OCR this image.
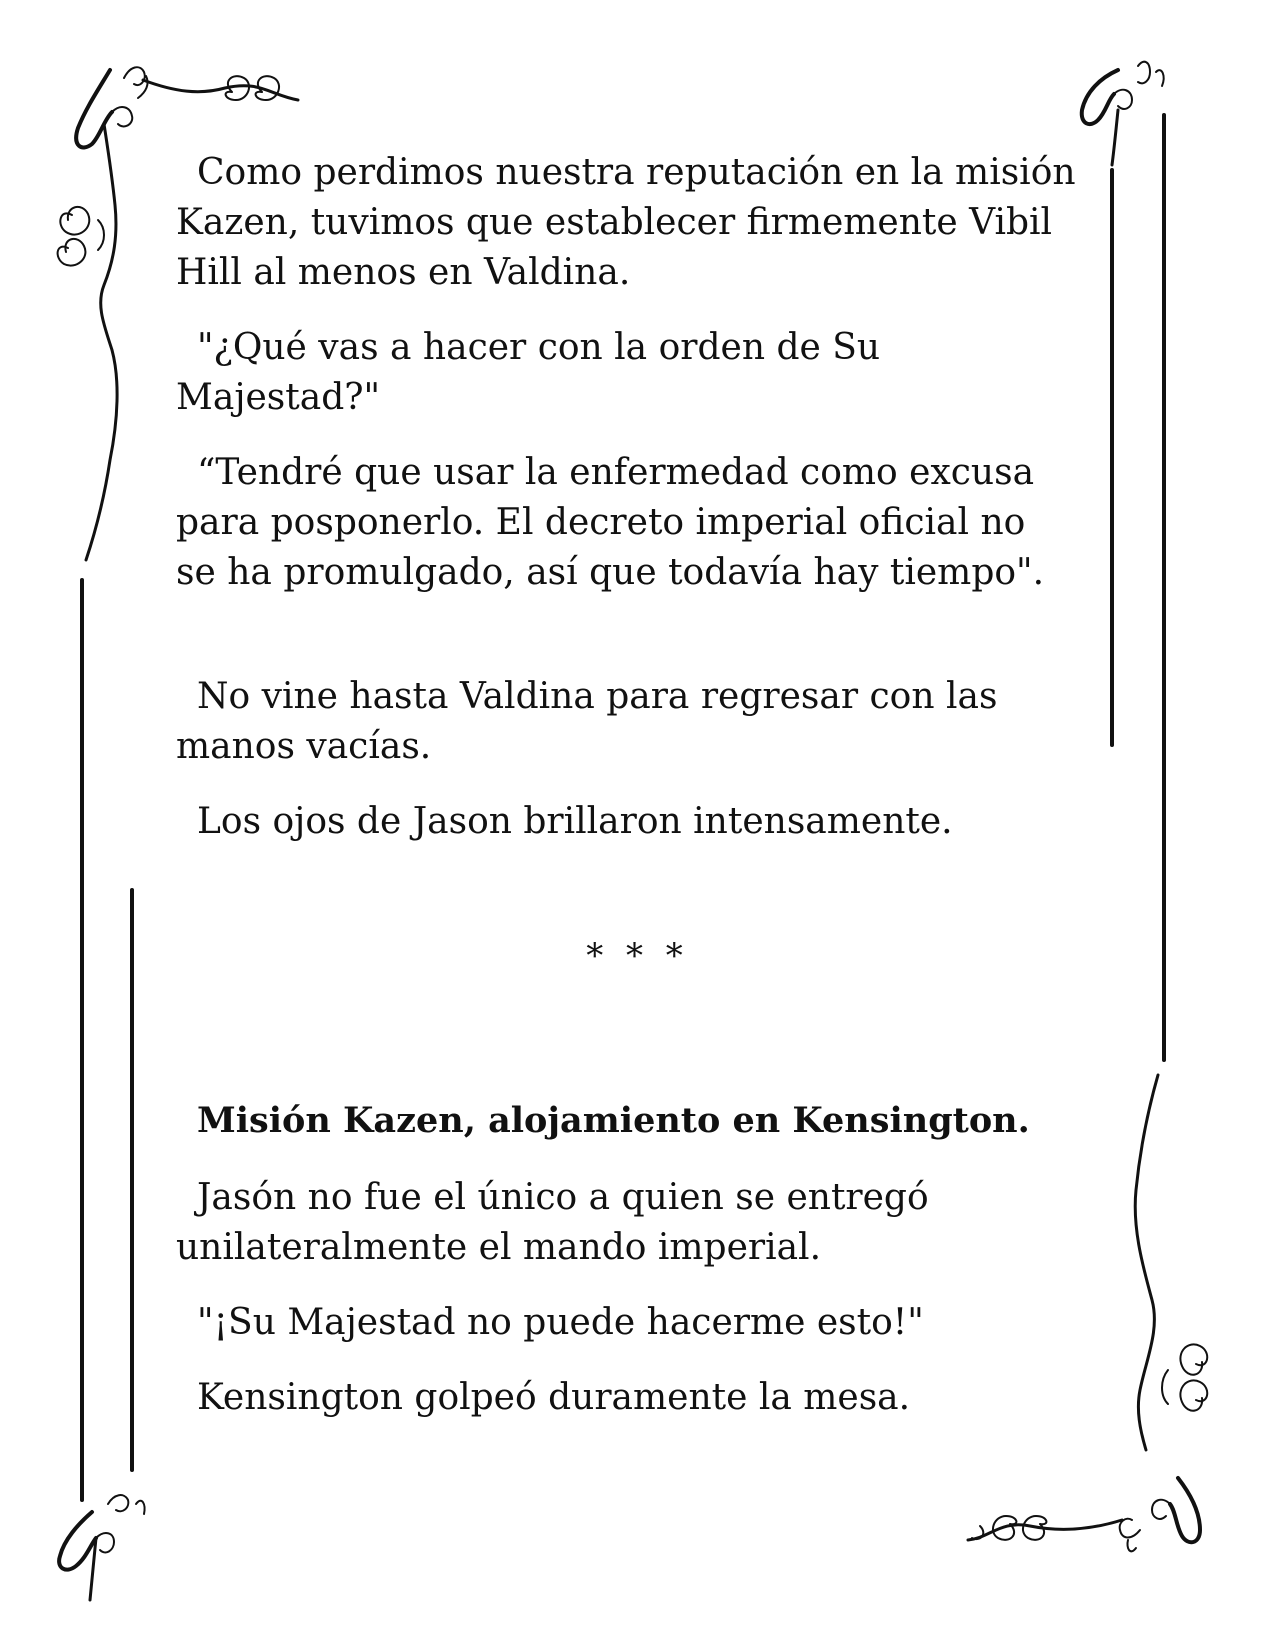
Como perdimos nuestra reputación en la misión Kazen, tuvimos que establecer firmemente Vibil Hill al menos en Valdina.

"¿Qué vas a hacer con la orden de Su Majestad?"

“Tendré que usar la enfermedad como excusa para posponerlo. El decreto imperial oficial no se ha promulgado, así que todavía hay tiempo".

No vine hasta Valdina para regresar con las manos vacías.

Los ojos de Jason brillaron intensamente.

* * *

Misión Kazen, alojamiento en Kensington.

Jasón no fue el único a quien se entregó unilateralmente el mando imperial.

"¡Su Majestad no puede hacerme esto!"

Kensington golpeó duramente la mesa.
